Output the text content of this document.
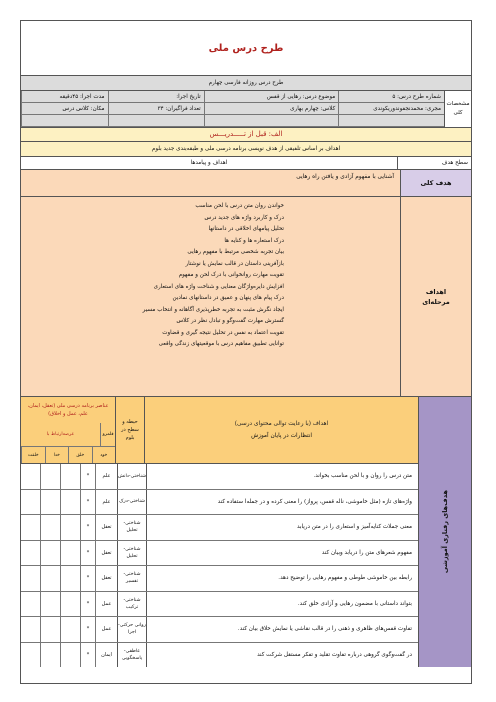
طرح درس ملی
طرح درس روزانه فارسی چهارم
مشخصات
کلی
شماره طرح درس: ۵
موضوع درس: رهایی از قفس
تاریخ اجرا:
مدت اجرا: ۴۵دقیقه
مجری: محمدنجفوندوریکوندی
کلاس: چهارم بهاری
تعداد فراگیران: ۳۴
مکان: کلاس درس
الف: قبل از تـــــدریـــس
اهداف بر اساس تلفیقی از هدف نویسی برنامه درسی ملی و طبقه‌بندی جدید بلوم
سطح هدف
اهداف و پیامدها
هدف کلی
آشنایی با مفهوم آزادی و یافتن راه رهایی
اهداف
مرحله‌ای
خواندن روان متن درس با لحن مناسب
درک و کاربرد واژه های جدید درس
تحلیل پیامهای اخلاقی در داستانها
درک استعاره ها و کنایه ها
بیان تجربه شخصی مرتبط با مفهوم رهایی
بازآفرینی داستان در قالب نمایش یا نوشتار
تقویت مهارت روانخوانی با درک لحن و مفهوم
افزایش دایره‌واژگان معنایی و شناخت واژه های استعاری
درک پیام های پنهان و عمیق در داستانهای نمادین
ایجاد نگرش مثبت به تجربه خطرپذیری آگاهانه و انتخاب مسیر
گسترش مهارت گفت‌وگو و تبادل نظر در کلاس
تقویت اعتماد به نفس در تحلیل نتیجه گیری و قضاوت
توانایی تطبیق مفاهیم درس با موقعیتهای زندگی واقعی
هدف‌های رفتاری آموزشی
اهداف (با رعایت توالی محتوای درسی)
انتظارات در پایان آموزش
حیطه و سطح در بلوم
عناصر برنامه درسی ملی (تعقل، ایمان، علم، عمل و اخلاق)
قلمرو
عرصه‌ارتباط با
خود
خلق
خدا
خلقت
متن درس را روان و با لحن مناسب بخواند.
شناختی-دانش
علم
*
واژه‌های تازه (مثل خاموشی، ناله قفس، پرواز) را معنی کرده و در جمله‌ا ستفاده کند
شناختی-درک
علم
*
معنی جملات کنایه‌آمیز و استعاری را در متن دریابد
شناختی-تحلیل
تعقل
*
مفهوم شعرهای متن را دریابد وبیان کند
شناختی-تحلیل
تعقل
*
رابطه بین خاموشی طوطی و مفهوم رهایی را توضیح دهد.
شناختی-تفسیر
تعقل
*
بتواند داستانی با مضمون رهایی و آزادی خلق کند.
شناختی-ترکیب
عمل
*
تفاوت قفس‌های ظاهری و ذهنی را در قالب نقاشی یا نمایش خلاق بیان کند.
روانی حرکتی-اجرا
عمل
*
در گفت‌وگوی گروهی درباره تفاوت تقلید و تفکر مستقل شرکت کند
عاطفی-پاسخگویی
ایمان
*
